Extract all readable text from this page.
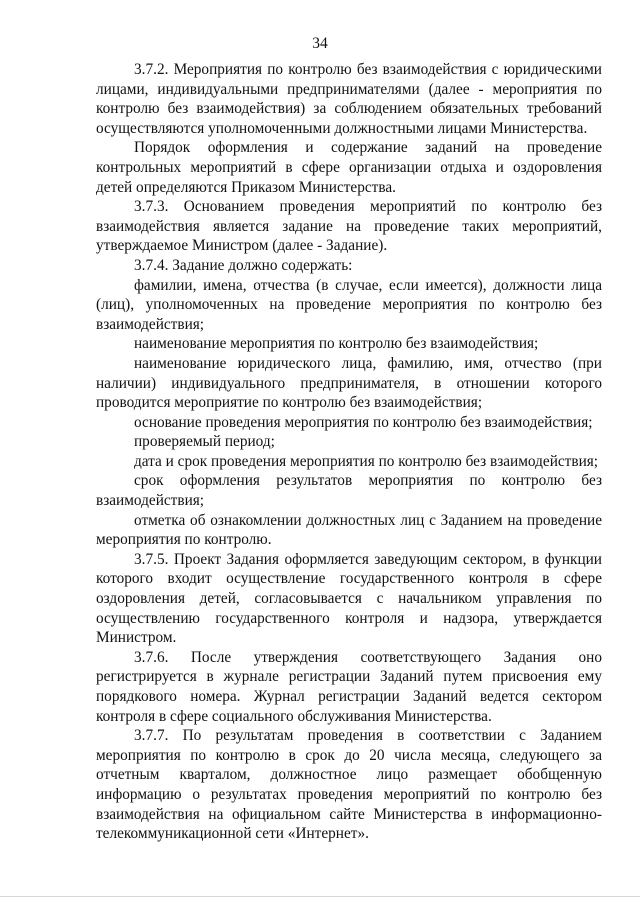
34

3.7.2. Мероприятия по контролю без взаимодействия с юридическими лицами, индивидуальными предпринимателями (далее - мероприятия по контролю без взаимодействия) за соблюдением обязательных требований осуществляются уполномоченными должностными лицами Министерства.

Порядок оформления и содержание заданий на проведение контрольных мероприятий в сфере организации отдыха и оздоровления детей определяются Приказом Министерства.

3.7.3. Основанием проведения мероприятий по контролю без взаимодействия является задание на проведение таких мероприятий, утверждаемое Министром (далее - Задание).

3.7.4. Задание должно содержать:

фамилии, имена, отчества (в случае, если имеется), должности лица (лиц), уполномоченных на проведение мероприятия по контролю без взаимодействия;

наименование мероприятия по контролю без взаимодействия;

наименование юридического лица, фамилию, имя, отчество (при наличии) индивидуального предпринимателя, в отношении которого проводится мероприятие по контролю без взаимодействия;

основание проведения мероприятия по контролю без взаимодействия;

проверяемый период;

дата и срок проведения мероприятия по контролю без взаимодействия;

срок оформления результатов мероприятия по контролю без взаимодействия;

отметка об ознакомлении должностных лиц с Заданием на проведение мероприятия по контролю.

3.7.5. Проект Задания оформляется заведующим сектором, в функции которого входит осуществление государственного контроля в сфере оздоровления детей, согласовывается с начальником управления по осуществлению государственного контроля и надзора, утверждается Министром.

3.7.6. После утверждения соответствующего Задания оно регистрируется в журнале регистрации Заданий путем присвоения ему порядкового номера. Журнал регистрации Заданий ведется сектором контроля в сфере социального обслуживания Министерства.

3.7.7. По результатам проведения в соответствии с Заданием мероприятия по контролю в срок до 20 числа месяца, следующего за отчетным кварталом, должностное лицо размещает обобщенную информацию о результатах проведения мероприятий по контролю без взаимодействия на официальном сайте Министерства в информационно-телекоммуникационной сети «Интернет».
